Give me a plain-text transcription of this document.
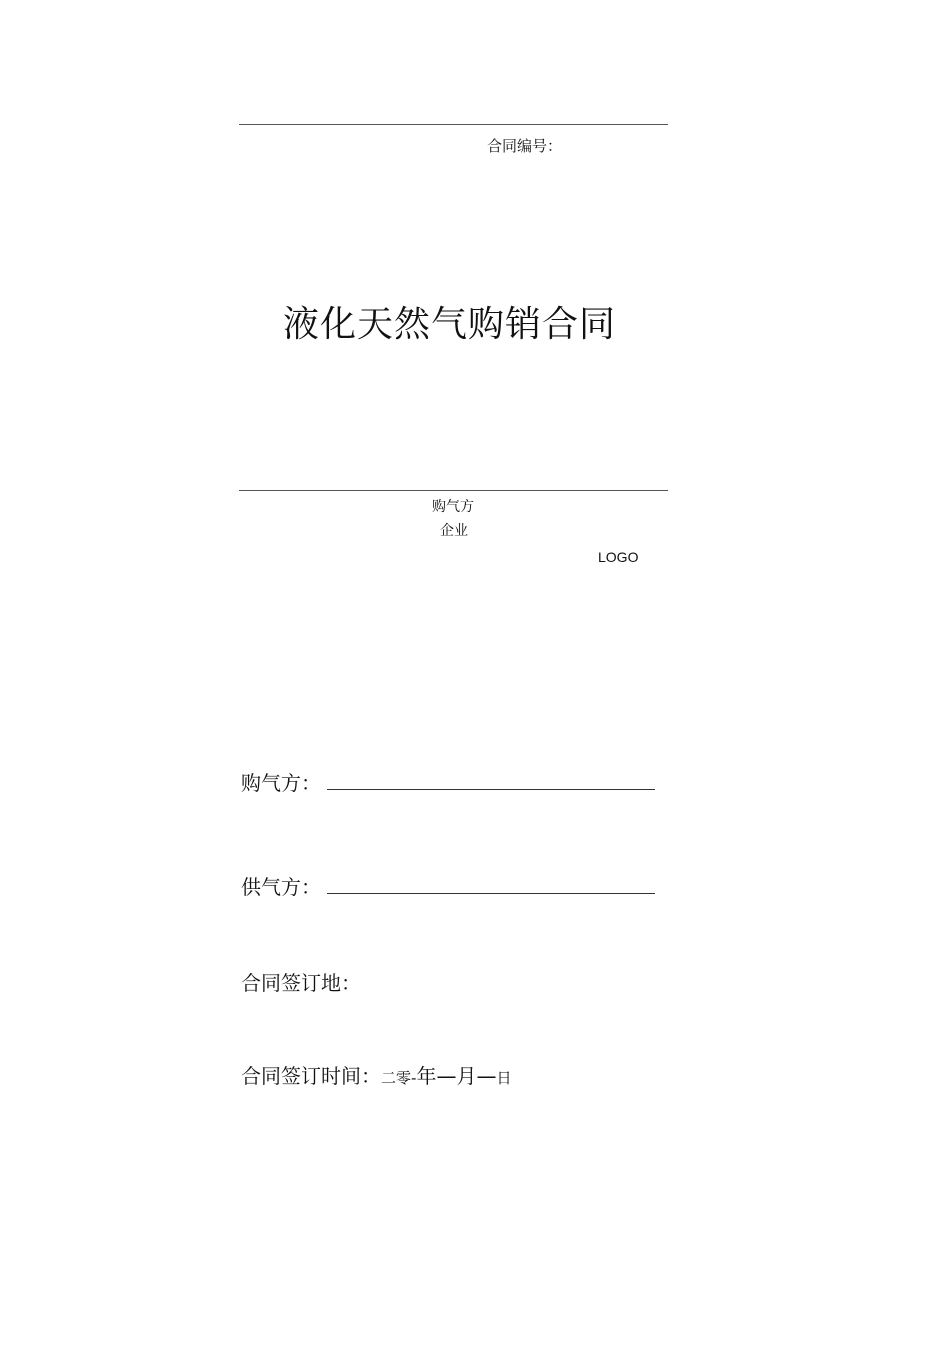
合同编号：
液化天然气购销合同
购气方
企业
LOGO
购气方：
供气方：
合同签订地：
合同签订时间： 二零 - 年 — 月 — 日
